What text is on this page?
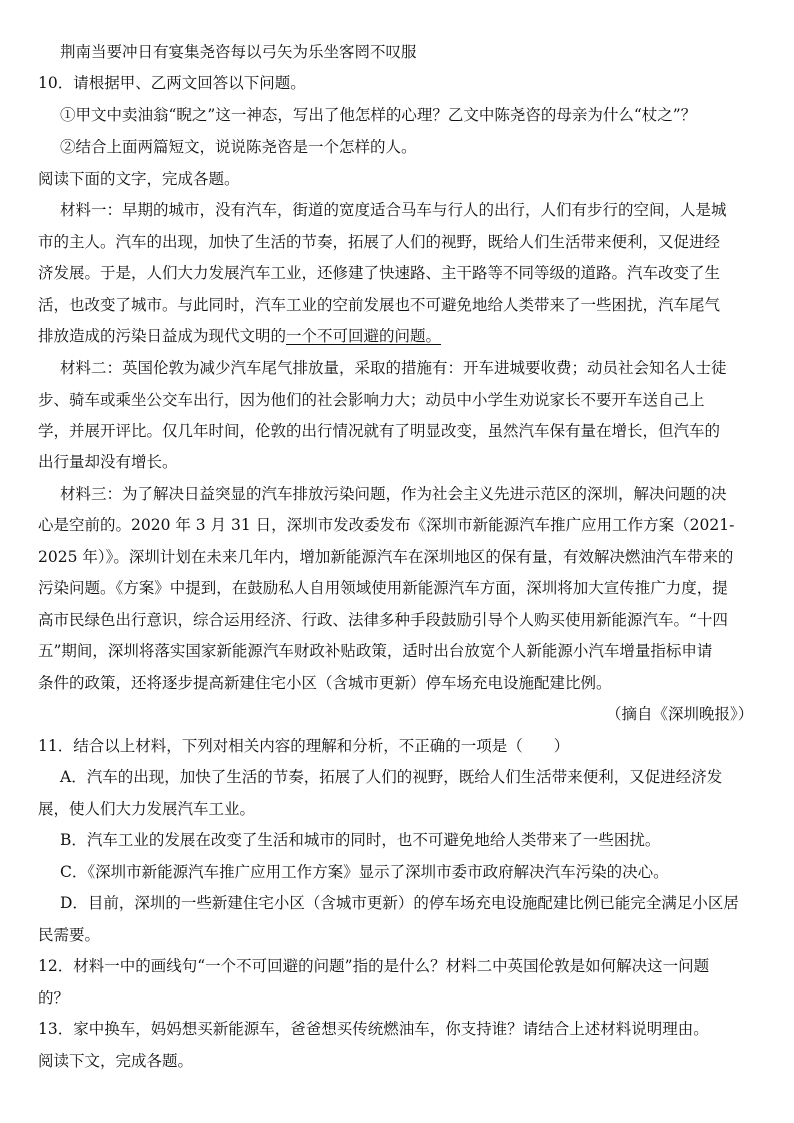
荆南当要冲日有宴集尧咨每以弓矢为乐坐客罔不叹服
10．请根据甲、乙两文回答以下问题。
①甲文中卖油翁“睨之”这一神态，写出了他怎样的心理？乙文中陈尧咨的母亲为什么“杖之”？
②结合上面两篇短文，说说陈尧咨是一个怎样的人。
阅读下面的文字，完成各题。
材料一：早期的城市，没有汽车，街道的宽度适合马车与行人的出行，人们有步行的空间，人是城
市的主人。汽车的出现，加快了生活的节奏，拓展了人们的视野，既给人们生活带来便利，又促进经
济发展。于是，人们大力发展汽车工业，还修建了快速路、主干路等不同等级的道路。汽车改变了生
活，也改变了城市。与此同时，汽车工业的空前发展也不可避免地给人类带来了一些困扰，汽车尾气
排放造成的污染日益成为现代文明的一个不可回避的问题。
材料二：英国伦敦为减少汽车尾气排放量，采取的措施有：开车进城要收费；动员社会知名人士徒
步、骑车或乘坐公交车出行，因为他们的社会影响力大；动员中小学生劝说家长不要开车送自己上
学，并展开评比。仅几年时间，伦敦的出行情况就有了明显改变，虽然汽车保有量在增长，但汽车的
出行量却没有增长。
材料三：为了解决日益突显的汽车排放污染问题，作为社会主义先进示范区的深圳，解决问题的决
心是空前的。2020 年 3 月 31 日，深圳市发改委发布《深圳市新能源汽车推广应用工作方案（2021-
2025 年）》。深圳计划在未来几年内，增加新能源汽车在深圳地区的保有量，有效解决燃油汽车带来的
污染问题。《方案》中提到，在鼓励私人自用领域使用新能源汽车方面，深圳将加大宣传推广力度，提
高市民绿色出行意识，综合运用经济、行政、法律多种手段鼓励引导个人购买使用新能源汽车。“十四
五”期间，深圳将落实国家新能源汽车财政补贴政策，适时出台放宽个人新能源小汽车增量指标申请
条件的政策，还将逐步提高新建住宅小区（含城市更新）停车场充电设施配建比例。
（摘自《深圳晚报》）
11．结合以上材料，下列对相关内容的理解和分析，不正确的一项是（　　）
A．汽车的出现，加快了生活的节奏，拓展了人们的视野，既给人们生活带来便利，又促进经济发
展，使人们大力发展汽车工业。
B．汽车工业的发展在改变了生活和城市的同时，也不可避免地给人类带来了一些困扰。
C．《深圳市新能源汽车推广应用工作方案》显示了深圳市委市政府解决汽车污染的决心。
D．目前，深圳的一些新建住宅小区（含城市更新）的停车场充电设施配建比例已能完全满足小区居
民需要。
12．材料一中的画线句“一个不可回避的问题”指的是什么？材料二中英国伦敦是如何解决这一问题
的？
13．家中换车，妈妈想买新能源车，爸爸想买传统燃油车，你支持谁？请结合上述材料说明理由。
阅读下文，完成各题。
